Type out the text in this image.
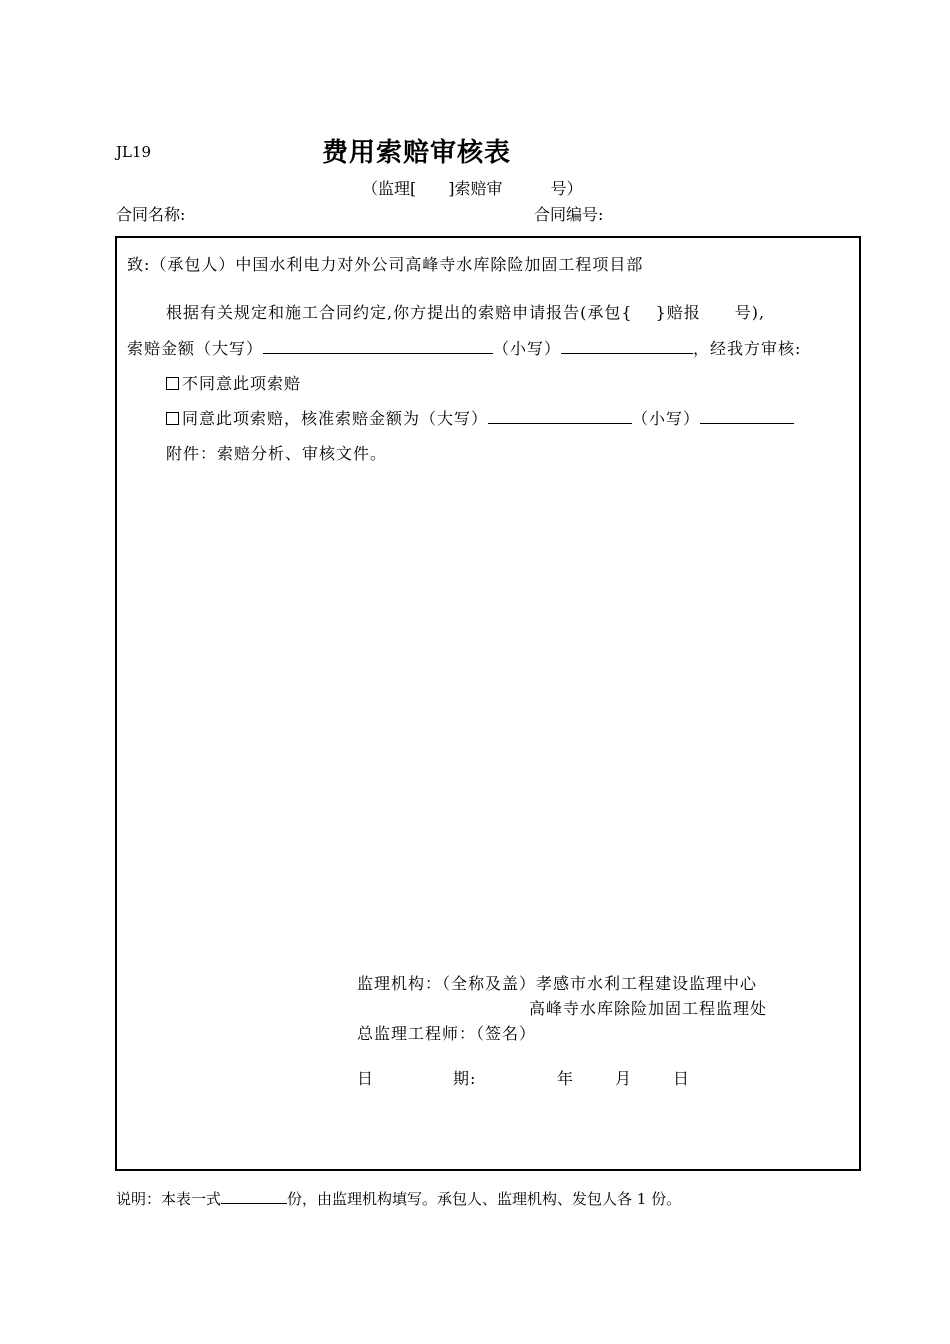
JL19	费用索赔审核表
（监理[　　]索赔审　　　号）
合同名称:	合同编号:
致:（承包人）中国水利电力对外公司高峰寺水库除险加固工程项目部
根据有关规定和施工合同约定,你方提出的索赔申请报告(承包{　 }赔报　　号),
索赔金额（大写）	（小写）	，经我方审核:
不同意此项索赔
同意此项索赔，核准索赔金额为（大写）	（小写）
附件：索赔分析、审核文件。
监理机构：（全称及盖）孝感市水利工程建设监理中心
高峰寺水库除险加固工程监理处
总监理工程师：（签名）
日	期:	年	月	日
说明：本表一式	份，由监理机构填写。承包人、监理机构、发包人各 1 份。
